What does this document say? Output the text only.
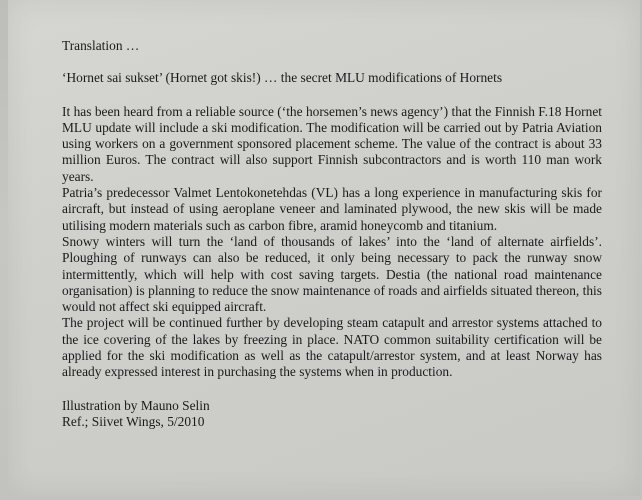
Translation …

‘Hornet sai sukset’ (Hornet got skis!) … the secret MLU modifications of Hornets

It has been heard from a reliable source (‘the horsemen’s news agency’) that the Finnish F.18 Hornet MLU update will include a ski modification. The modification will be carried out by Patria Aviation using workers on a government sponsored placement scheme. The value of the contract is about 33 million Euros. The contract will also support Finnish subcontractors and is worth 110 man work years.

Patria’s predecessor Valmet Lentokonetehdas (VL) has a long experience in manufacturing skis for aircraft, but instead of using aeroplane veneer and laminated plywood, the new skis will be made utilising modern materials such as carbon fibre, aramid honeycomb and titanium.

Snowy winters will turn the ‘land of thousands of lakes’ into the ‘land of alternate airfields’. Ploughing of runways can also be reduced, it only being necessary to pack the runway snow intermittently, which will help with cost saving targets. Destia (the national road maintenance organisation) is planning to reduce the snow maintenance of roads and airfields situated thereon, this would not affect ski equipped aircraft.

The project will be continued further by developing steam catapult and arrestor systems attached to the ice covering of the lakes by freezing in place. NATO common suitability certification will be applied for the ski modification as well as the catapult/arrestor system, and at least Norway has already expressed interest in purchasing the systems when in production.

Illustration by Mauno Selin
Ref.; Siivet Wings, 5/2010
